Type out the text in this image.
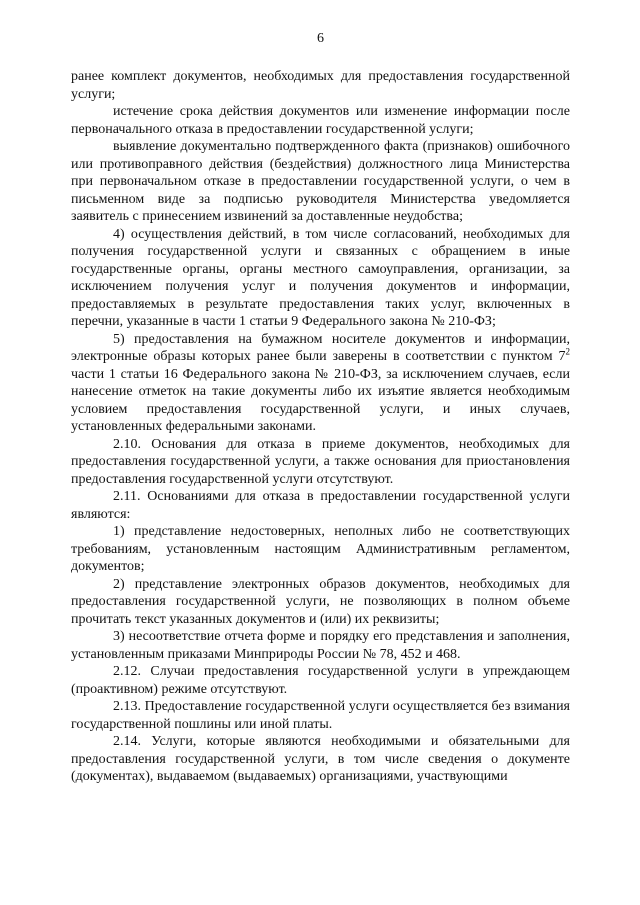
6

ранее комплект документов, необходимых для предоставления государственной услуги;

истечение срока действия документов или изменение информации после первоначального отказа в предоставлении государственной услуги;

выявление документально подтвержденного факта (признаков) ошибочного или противоправного действия (бездействия) должностного лица Министерства при первоначальном отказе в предоставлении государственной услуги, о чем в письменном виде за подписью руководителя Министерства уведомляется заявитель с принесением извинений за доставленные неудобства;

4) осуществления действий, в том числе согласований, необходимых для получения государственной услуги и связанных с обращением в иные государственные органы, органы местного самоуправления, организации, за исключением получения услуг и получения документов и информации, предоставляемых в результате предоставления таких услуг, включенных в перечни, указанные в части 1 статьи 9 Федерального закона № 210-ФЗ;

5) предоставления на бумажном носителе документов и информации, электронные образы которых ранее были заверены в соответствии с пунктом $7^2$ части 1 статьи 16 Федерального закона № 210-ФЗ, за исключением случаев, если нанесение отметок на такие документы либо их изъятие является необходимым условием предоставления государственной услуги, и иных случаев, установленных федеральными законами.

2.10. Основания для отказа в приеме документов, необходимых для предоставления государственной услуги, а также основания для приостановления предоставления государственной услуги отсутствуют.

2.11. Основаниями для отказа в предоставлении государственной услуги являются:

1) представление недостоверных, неполных либо не соответствующих требованиям, установленным настоящим Административным регламентом, документов;

2) представление электронных образов документов, необходимых для предоставления государственной услуги, не позволяющих в полном объеме прочитать текст указанных документов и (или) их реквизиты;

3) несоответствие отчета форме и порядку его представления и заполнения, установленным приказами Минприроды России № 78, 452 и 468.

2.12. Случаи предоставления государственной услуги в упреждающем (проактивном) режиме отсутствуют.

2.13. Предоставление государственной услуги осуществляется без взимания государственной пошлины или иной платы.

2.14. Услуги, которые являются необходимыми и обязательными для предоставления государственной услуги, в том числе сведения о документе (документах), выдаваемом (выдаваемых) организациями, участвующими
